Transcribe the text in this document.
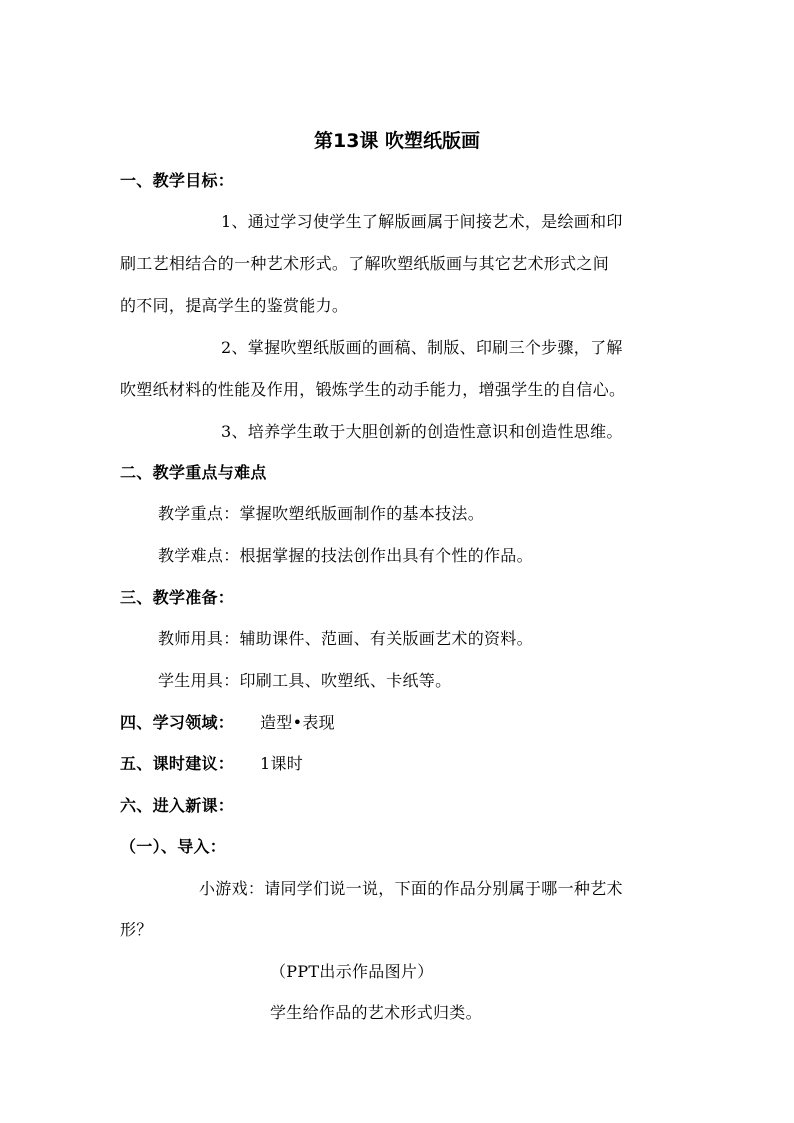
第13课 吹塑纸版画
一、教学目标：
1、通过学习使学生了解版画属于间接艺术，是绘画和印
刷工艺相结合的一种艺术形式。了解吹塑纸版画与其它艺术形式之间
的不同，提高学生的鉴赏能力。
2、掌握吹塑纸版画的画稿、制版、印刷三个步骤，了解
吹塑纸材料的性能及作用，锻炼学生的动手能力，增强学生的自信心。
3、培养学生敢于大胆创新的创造性意识和创造性思维。
二、教学重点与难点
教学重点：掌握吹塑纸版画制作的基本技法。
教学难点：根据掌握的技法创作出具有个性的作品。
三、教学准备：
教师用具：辅助课件、范画、有关版画艺术的资料。
学生用具：印刷工具、吹塑纸、卡纸等。
四、学习领域： 造型•表现
五、课时建议： 1课时
六、进入新课：
（一）、导入：
小游戏：请同学们说一说，下面的作品分别属于哪一种艺术
形？
（PPT出示作品图片）
学生给作品的艺术形式归类。
